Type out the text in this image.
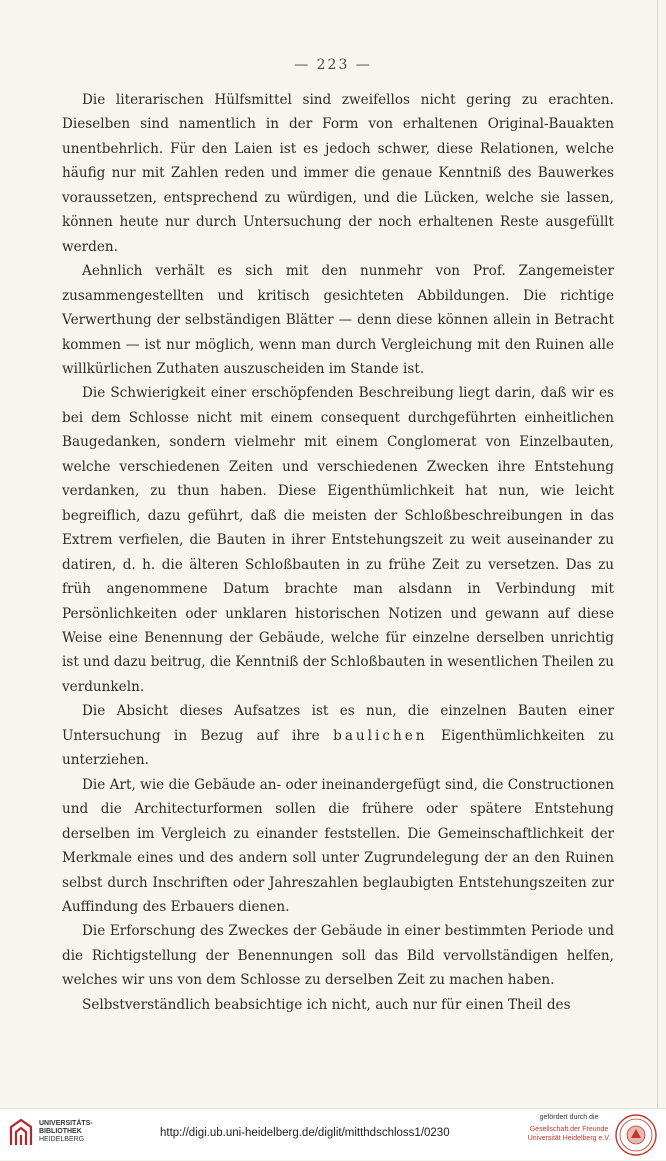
— 223 —

Die literarischen Hülfsmittel sind zweifellos nicht gering zu erachten. Dieselben sind namentlich in der Form von erhaltenen Original-Bauakten unentbehrlich. Für den Laien ist es jedoch schwer, diese Relationen, welche häufig nur mit Zahlen reden und immer die genaue Kenntniß des Bauwerkes voraussetzen, entsprechend zu würdigen, und die Lücken, welche sie lassen, können heute nur durch Untersuchung der noch erhaltenen Reste ausgefüllt werden.

Aehnlich verhält es sich mit den nunmehr von Prof. Zangemeister zusammengestellten und kritisch gesichteten Abbildungen. Die richtige Verwerthung der selbständigen Blätter — denn diese können allein in Betracht kommen — ist nur möglich, wenn man durch Vergleichung mit den Ruinen alle willkürlichen Zuthaten auszuscheiden im Stande ist.

Die Schwierigkeit einer erschöpfenden Beschreibung liegt darin, daß wir es bei dem Schlosse nicht mit einem consequent durchgeführten einheitlichen Baugedanken, sondern vielmehr mit einem Conglomerat von Einzelbauten, welche verschiedenen Zeiten und verschiedenen Zwecken ihre Entstehung verdanken, zu thun haben. Diese Eigenthümlichkeit hat nun, wie leicht begreiflich, dazu geführt, daß die meisten der Schloßbeschreibungen in das Extrem verfielen, die Bauten in ihrer Entstehungszeit zu weit auseinander zu datiren, d. h. die älteren Schloßbauten in zu frühe Zeit zu versetzen. Das zu früh angenommene Datum brachte man alsdann in Verbindung mit Persönlichkeiten oder unklaren historischen Notizen und gewann auf diese Weise eine Benennung der Gebäude, welche für einzelne derselben unrichtig ist und dazu beitrug, die Kenntniß der Schloßbauten in wesentlichen Theilen zu verdunkeln.

Die Absicht dieses Aufsatzes ist es nun, die einzelnen Bauten einer Untersuchung in Bezug auf ihre baulichen Eigenthümlichkeiten zu unterziehen.

Die Art, wie die Gebäude an- oder ineinandergefügt sind, die Constructionen und die Architecturformen sollen die frühere oder spätere Entstehung derselben im Vergleich zu einander feststellen. Die Gemeinschaftlichkeit der Merkmale eines und des andern soll unter Zugrundelegung der an den Ruinen selbst durch Inschriften oder Jahreszahlen beglaubigten Entstehungszeiten zur Auffindung des Erbauers dienen.

Die Erforschung des Zweckes der Gebäude in einer bestimmten Periode und die Richtigstellung der Benennungen soll das Bild vervollständigen helfen, welches wir uns von dem Schlosse zu derselben Zeit zu machen haben.

Selbstverständlich beabsichtige ich nicht, auch nur für einen Theil des

UNIVERSITÄTS-
BIBLIOTHEK
HEIDELBERG
http://digi.ub.uni-heidelberg.de/diglit/mitthdschloss1/0230
gefördert durch die
Gesellschaft der Freunde
Universität Heidelberg e.V.
